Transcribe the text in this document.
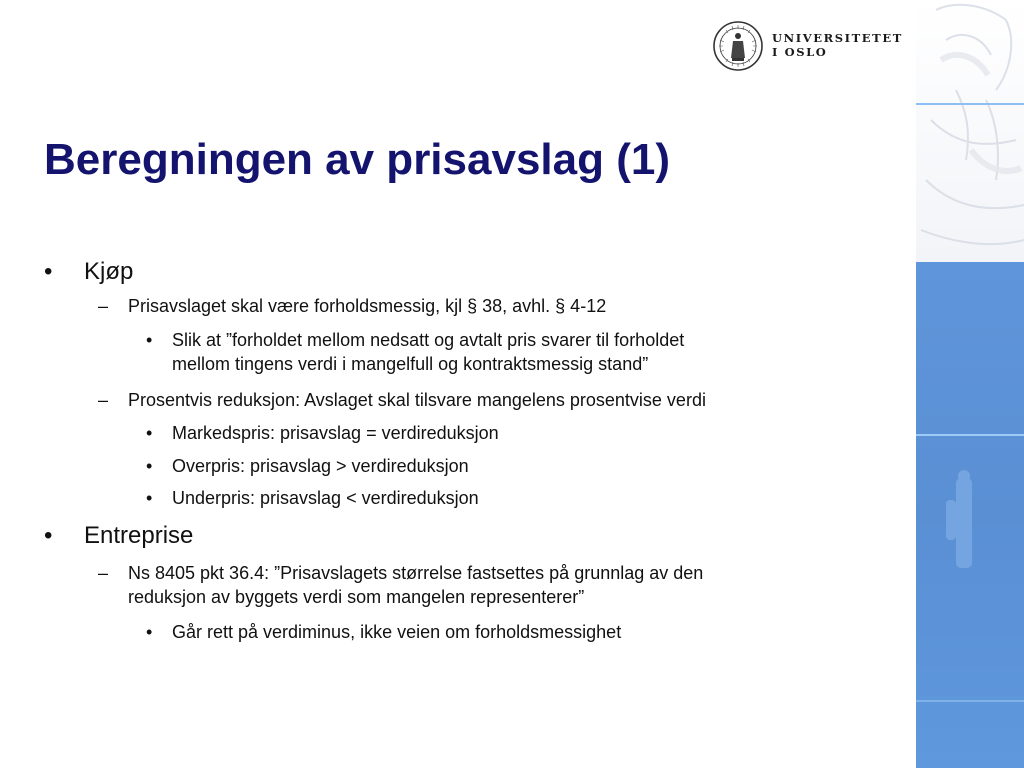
UNIVERSITETET
I OSLO
Beregningen av prisavslag (1)
• Kjøp
– Prisavslaget skal være forholdsmessig, kjl § 38, avhl. § 4-12
• Slik at ”forholdet mellom nedsatt og avtalt pris svarer til forholdet
mellom tingens verdi i mangelfull og kontraktsmessig stand”
– Prosentvis reduksjon: Avslaget skal tilsvare mangelens prosentvise verdi
• Markedspris: prisavslag = verdireduksjon
• Overpris: prisavslag > verdireduksjon
• Underpris: prisavslag < verdireduksjon
• Entreprise
– Ns 8405 pkt 36.4: ”Prisavslagets størrelse fastsettes på grunnlag av den
reduksjon av byggets verdi som mangelen representerer”
• Går rett på verdiminus, ikke veien om forholdsmessighet
